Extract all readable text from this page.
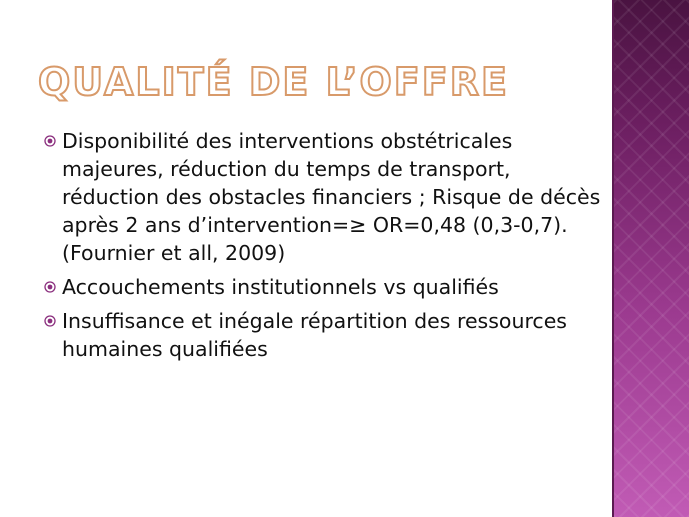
QUALITÉ DE L’OFFRE
Disponibilité des interventions obstétricales majeures, réduction du temps de transport, réduction des obstacles financiers ; Risque de décès après 2 ans d’intervention=≥ OR=0,48 (0,3-0,7). (Fournier et all, 2009)
Accouchements institutionnels vs qualifiés
Insuffisance et inégale répartition des ressources humaines qualifiées
